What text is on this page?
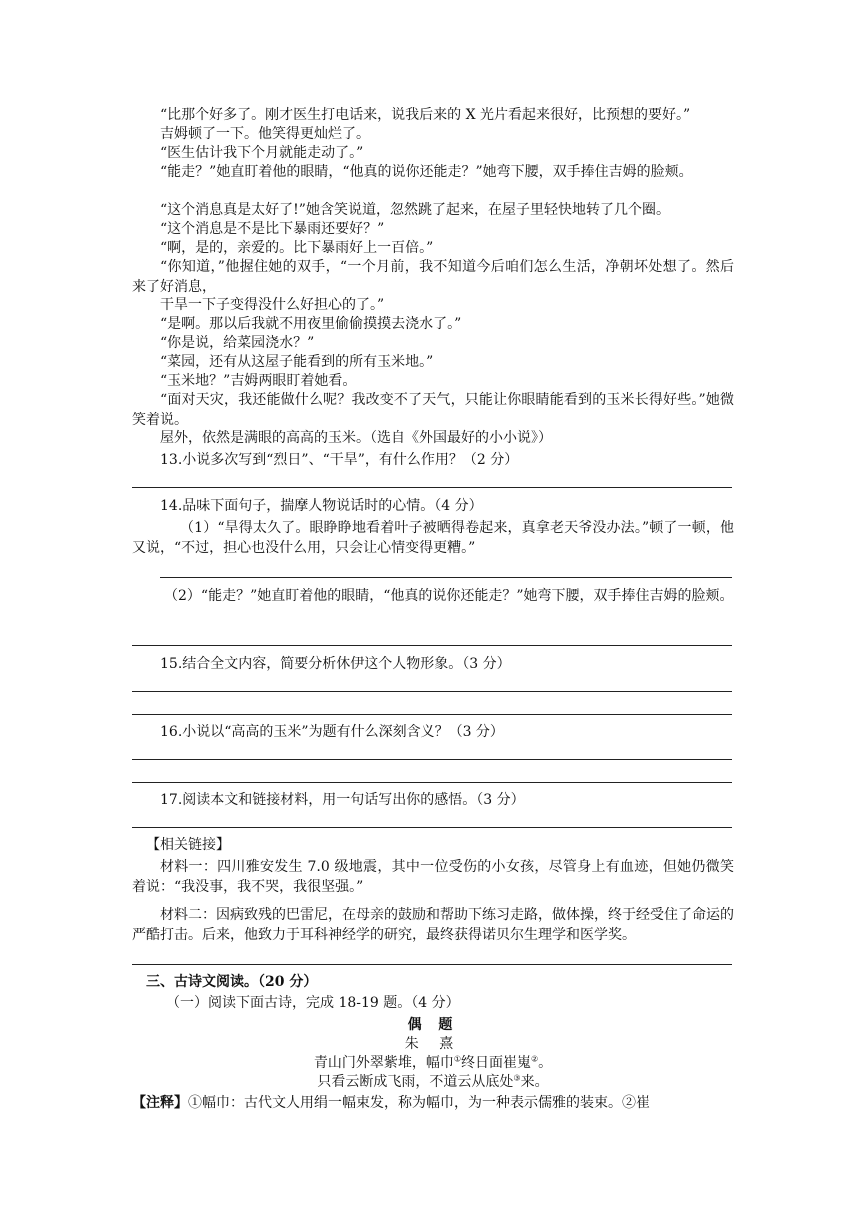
“比那个好多了。刚才医生打电话来，说我后来的 X 光片看起来很好，比预想的要好。”
吉姆顿了一下。他笑得更灿烂了。
“医生估计我下个月就能走动了。”
“能走？”她直盯着他的眼睛，“他真的说你还能走？”她弯下腰，双手捧住吉姆的脸颊。
“这个消息真是太好了!”她含笑说道，忽然跳了起来，在屋子里轻快地转了几个圈。
“这个消息是不是比下暴雨还要好？”
“啊，是的，亲爱的。比下暴雨好上一百倍。”
“你知道，”他握住她的双手，“一个月前，我不知道今后咱们怎么生活，净朝坏处想了。然后来了好消息，
干旱一下子变得没什么好担心的了。”
“是啊。那以后我就不用夜里偷偷摸摸去浇水了。”
“你是说，给菜园浇水？”
“菜园，还有从这屋子能看到的所有玉米地。”
“玉米地？”吉姆两眼盯着她看。
“面对天灾，我还能做什么呢？我改变不了天气，只能让你眼睛能看到的玉米长得好些。”她微笑着说。
屋外，依然是满眼的高高的玉米。（选自《外国最好的小小说》）
13.小说多次写到“烈日”、“干旱”，有什么作用？（2 分）
14.品味下面句子，揣摩人物说话时的心情。（4 分）
（1）“旱得太久了。眼睁睁地看着叶子被晒得卷起来，真拿老天爷没办法。”顿了一顿，他又说，“不过，担心也没什么用，只会让心情变得更糟。”
（2）“能走？”她直盯着他的眼睛，“他真的说你还能走？”她弯下腰，双手捧住吉姆的脸颊。
15.结合全文内容，简要分析休伊这个人物形象。（3 分）
16.小说以“高高的玉米”为题有什么深刻含义？（3 分）
17.阅读本文和链接材料，用一句话写出你的感悟。（3 分）
【相关链接】
材料一：四川雅安发生 7.0 级地震，其中一位受伤的小女孩，尽管身上有血迹，但她仍微笑着说：“我没事，我不哭，我很坚强。”
材料二：因病致残的巴雷尼，在母亲的鼓励和帮助下练习走路，做体操，终于经受住了命运的严酷打击。后来，他致力于耳科神经学的研究，最终获得诺贝尔生理学和医学奖。
三、古诗文阅读。（20 分）
（一）阅读下面古诗，完成 18-19 题。（4 分）
偶 题
朱 熹
青山门外翠紫堆，幅巾①终日面崔嵬②。
只看云断成飞雨，不道云从底处③来。
【注释】①幅巾：古代文人用绢一幅束发，称为幅巾，为一种表示儒雅的装束。②崔
